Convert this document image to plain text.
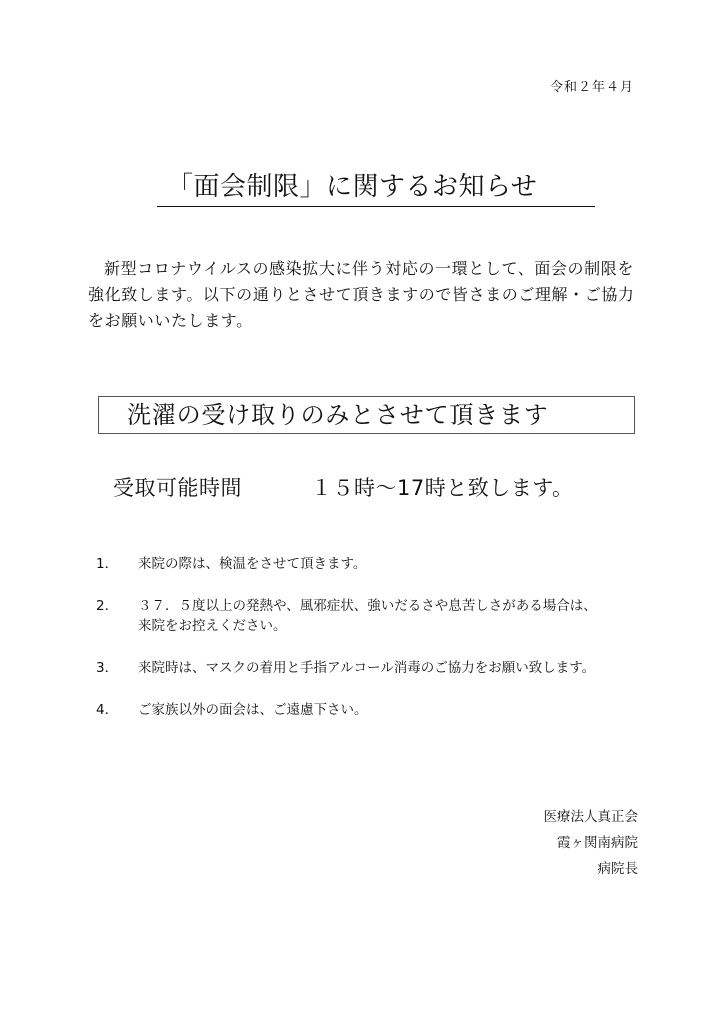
令和２年４月
「面会制限」に関するお知らせ

新型コロナウイルスの感染拡大に伴う対応の一環として、面会の制限を強化致します。以下の通りとさせて頂きますので皆さまのご理解・ご協力をお願いいたします。

洗濯の受け取りのみとさせて頂きます
受取可能時間	１５時～17時と致します。
1．	来院の際は、検温をさせて頂きます。
2．	３７．５度以上の発熱や、風邪症状、強いだるさや息苦しさがある場合は、
来院をお控えください。
3．	来院時は、マスクの着用と手指アルコール消毒のご協力をお願い致します。
4．	ご家族以外の面会は、ご遠慮下さい。
医療法人真正会
霞ヶ関南病院
病院長
